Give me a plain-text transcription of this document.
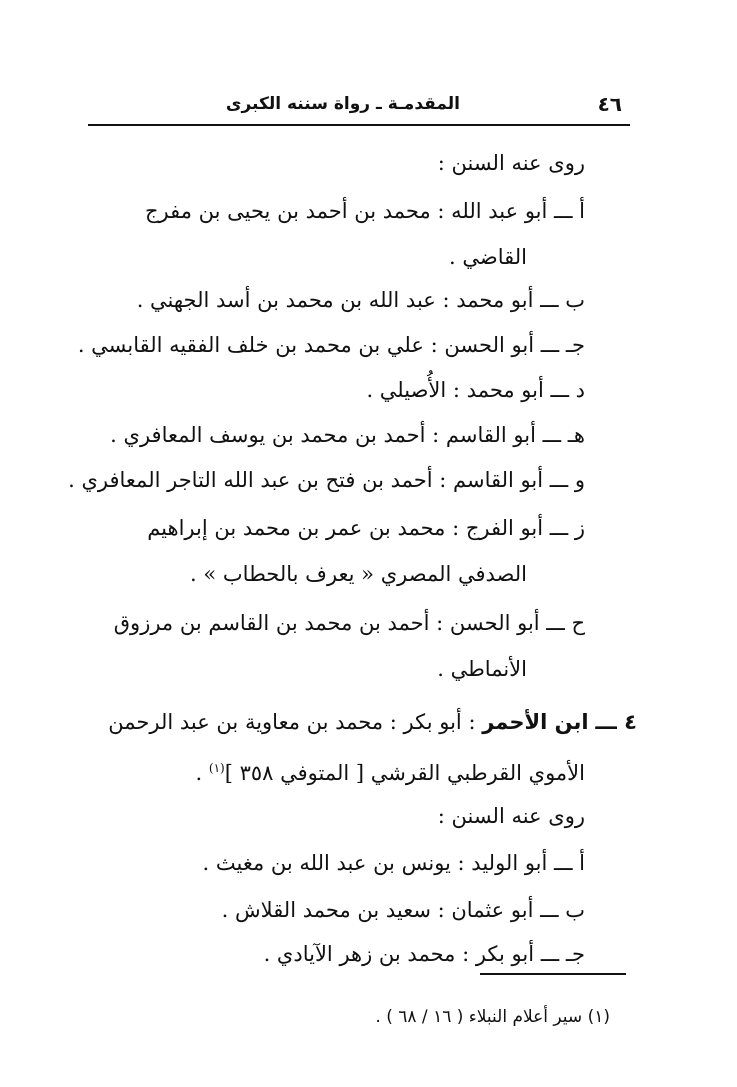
٤٦
المقدمـة ـ رواة سننه الكبرى
روى عنه السنن :
أ ـــ أبو عبد الله : محمد بن أحمد بن يحيى بن مفرج
القاضي .
ب ـــ أبو محمد : عبد الله بن محمد بن أسد الجهني .
جـ ـــ أبو الحسن : علي بن محمد بن خلف الفقيه القابسي .
د ـــ أبو محمد : الأُصيلي .
هـ ـــ أبو القاسم : أحمد بن محمد بن يوسف المعافري .
و ـــ أبو القاسم : أحمد بن فتح بن عبد الله التاجر المعافري .
ز ـــ أبو الفرج : محمد بن عمر بن محمد بن إبراهيم
الصدفي المصري « يعرف بالحطاب » .
ح ـــ أبو الحسن : أحمد بن محمد بن القاسم بن مرزوق
الأنماطي .
٤ ـــ ابن الأحمر : أبو بكر : محمد بن معاوية بن عبد الرحمن
الأموي القرطبي القرشي [ المتوفي ٣٥٨ ]$^{(١)}$ .
روى عنه السنن :
أ ـــ أبو الوليد : يونس بن عبد الله بن مغيث .
ب ـــ أبو عثمان : سعيد بن محمد القلاش .
جـ ـــ أبو بكر : محمد بن زهر الآيادي .
(١) سير أعلام النبلاء ( ١٦ / ٦٨ ) .
